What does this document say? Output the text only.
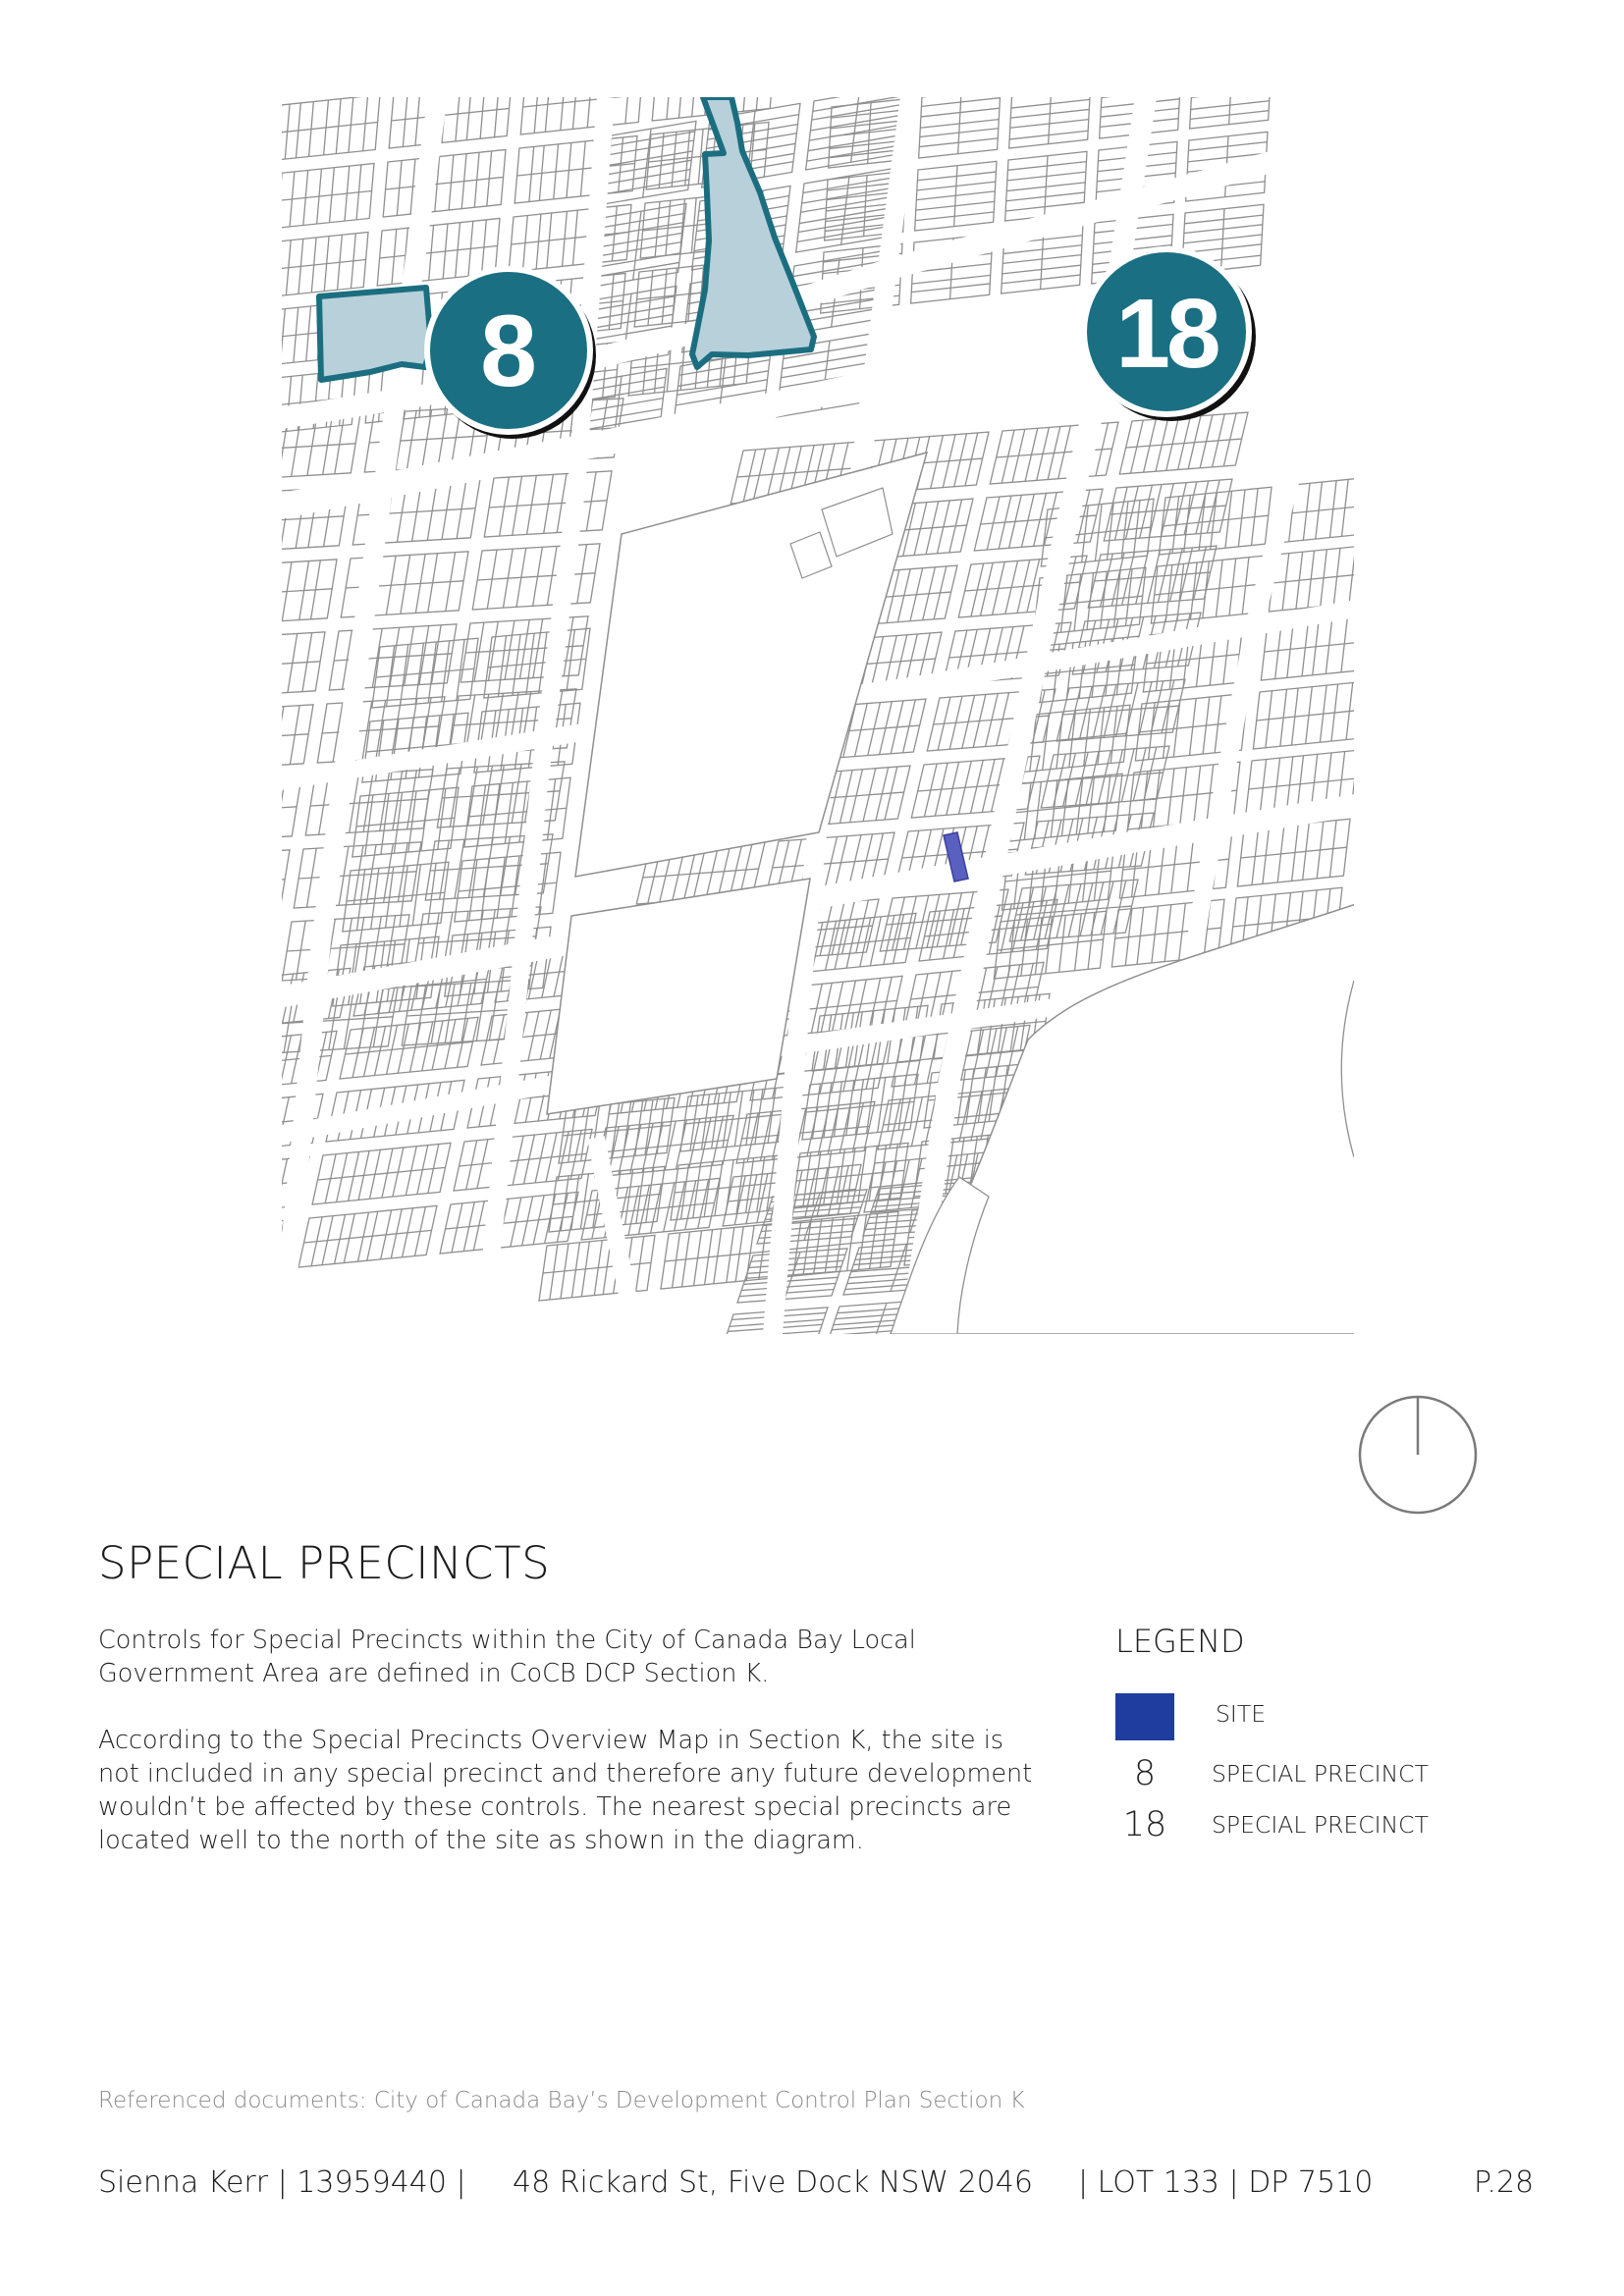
8	18
SPECIAL PRECINCTS

Controls for Special Precincts within the City of Canada Bay Local Government Area are defined in CoCB DCP Section K.

According to the Special Precincts Overview Map in Section K, the site is not included in any special precinct and therefore any future development wouldn’t be affected by these controls. The nearest special precincts are located well to the north of the site as shown in the diagram.

LEGEND
SITE
8	SPECIAL PRECINCT
18	SPECIAL PRECINCT
Referenced documents: City of Canada Bay’s Development Control Plan Section K
Sienna Kerr | 13959440 | 48 Rickard St, Five Dock NSW 2046 | LOT 133 | DP 7510	P.28
